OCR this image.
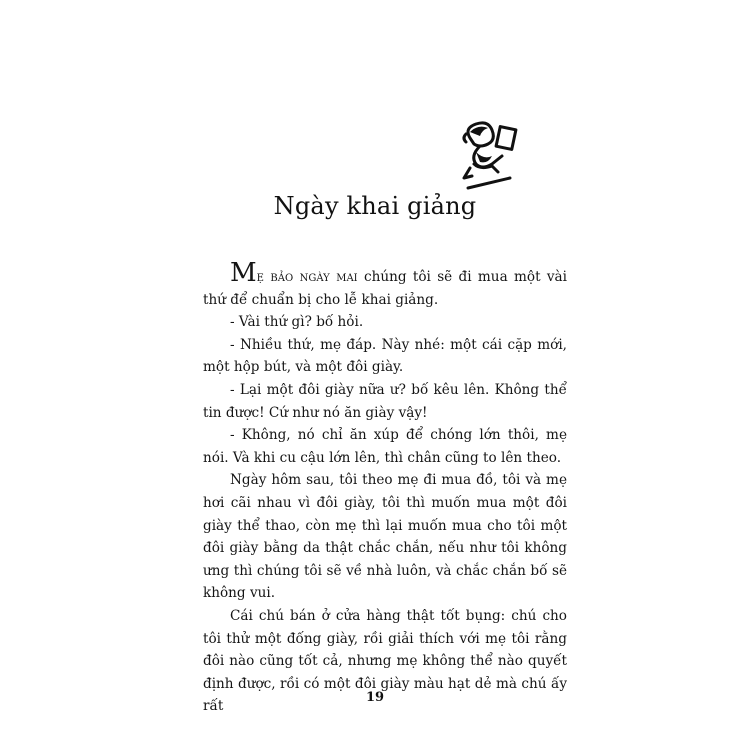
Ngày khai giảng

Mẹ bảo ngày mai chúng tôi sẽ đi mua một vài thứ để chuẩn bị cho lễ khai giảng.

- Vài thứ gì? bố hỏi.

- Nhiều thứ, mẹ đáp. Này nhé: một cái cặp mới, một hộp bút, và một đôi giày.

- Lại một đôi giày nữa ư? bố kêu lên. Không thể tin được! Cứ như nó ăn giày vậy!

- Không, nó chỉ ăn xúp để chóng lớn thôi, mẹ nói. Và khi cu cậu lớn lên, thì chân cũng to lên theo.

Ngày hôm sau, tôi theo mẹ đi mua đồ, tôi và mẹ hơi cãi nhau vì đôi giày, tôi thì muốn mua một đôi giày thể thao, còn mẹ thì lại muốn mua cho tôi một đôi giày bằng da thật chắc chắn, nếu như tôi không ưng thì chúng tôi sẽ về nhà luôn, và chắc chắn bố sẽ không vui.

Cái chú bán ở cửa hàng thật tốt bụng: chú cho tôi thử một đống giày, rồi giải thích với mẹ tôi rằng đôi nào cũng tốt cả, nhưng mẹ không thể nào quyết định được, rồi có một đôi giày màu hạt dẻ mà chú ấy rất

19
